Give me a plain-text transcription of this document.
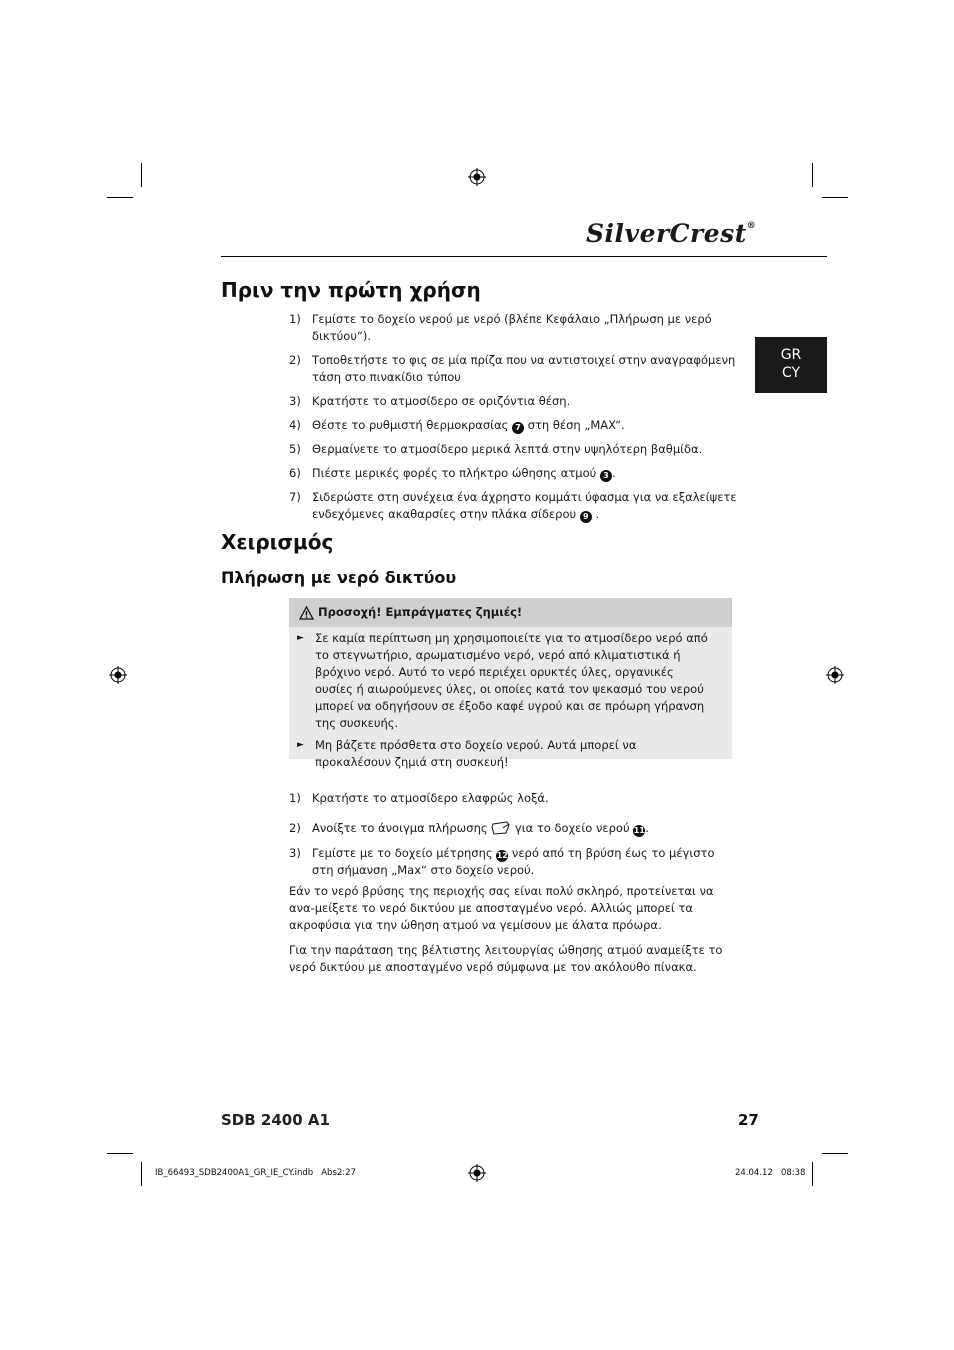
SilverCrest®
Πριν την πρώτη χρήση
GR
CY
1) Γεμίστε το δοχείο νερού με νερό (βλέπε Κεφάλαιο „Πλήρωση με νερό δικτύου“).
2) Τοποθετήστε το φις σε μία πρίζα που να αντιστοιχεί στην αναγραφόμενη τάση στο πινακίδιο τύπου
3) Κρατήστε το ατμοσίδερο σε οριζόντια θέση.
4) Θέστε το ρυθμιστή θερμοκρασίας 7 στη θέση „MAX“.
5) Θερμαίνετε το ατμοσίδερο μερικά λεπτά στην υψηλότερη βαθμίδα.
6) Πιέστε μερικές φορές το πλήκτρο ώθησης ατμού 3 .
7) Σιδερώστε στη συνέχεια ένα άχρηστο κομμάτι ύφασμα για να εξαλείψετε ενδεχόμενες ακαθαρσίες στην πλάκα σίδερου 9 .
Χειρισμός
Πλήρωση με νερό δικτύου
Προσοχή! Εμπράγματες ζημιές!
► Σε καμία περίπτωση μη χρησιμοποιείτε για το ατμοσίδερο νερό από το στεγνωτήριο, αρωματισμένο νερό, νερό από κλιματιστικά ή βρόχινο νερό. Αυτό το νερό περιέχει ορυκτές ύλες, οργανικές ουσίες ή αιωρούμενες ύλες, οι οποίες κατά τον ψεκασμό του νερού μπορεί να οδηγήσουν σε έξοδο καφέ υγρού και σε πρόωρη γήρανση της συσκευής.
► Μη βάζετε πρόσθετα στο δοχείο νερού. Αυτά μπορεί να προκαλέσουν ζημιά στη συσκευή!
1) Κρατήστε το ατμοσίδερο ελαφρώς λοξά.
2) Ανοίξτε το άνοιγμα πλήρωσης  για το δοχείο νερού 11.
3) Γεμίστε με το δοχείο μέτρησης 12 νερό από τη βρύση έως το μέγιστο στη σήμανση „Max“ στο δοχείο νερού.
Εάν το νερό βρύσης της περιοχής σας είναι πολύ σκληρό, προτείνεται να ανα-μείξετε το νερό δικτύου με αποσταγμένο νερό. Αλλιώς μπορεί τα ακροφύσια για την ώθηση ατμού να γεμίσουν με άλατα πρόωρα.
Για την παράταση της βέλτιστης λειτουργίας ώθησης ατμού αναμείξτε το νερό δικτύου με αποσταγμένο νερό σύμφωνα με τον ακόλουθο πίνακα.
SDB 2400 A1	27
IB_66493_SDB2400A1_GR_IE_CY.indb   Abs2:27	24.04.12   08:38
